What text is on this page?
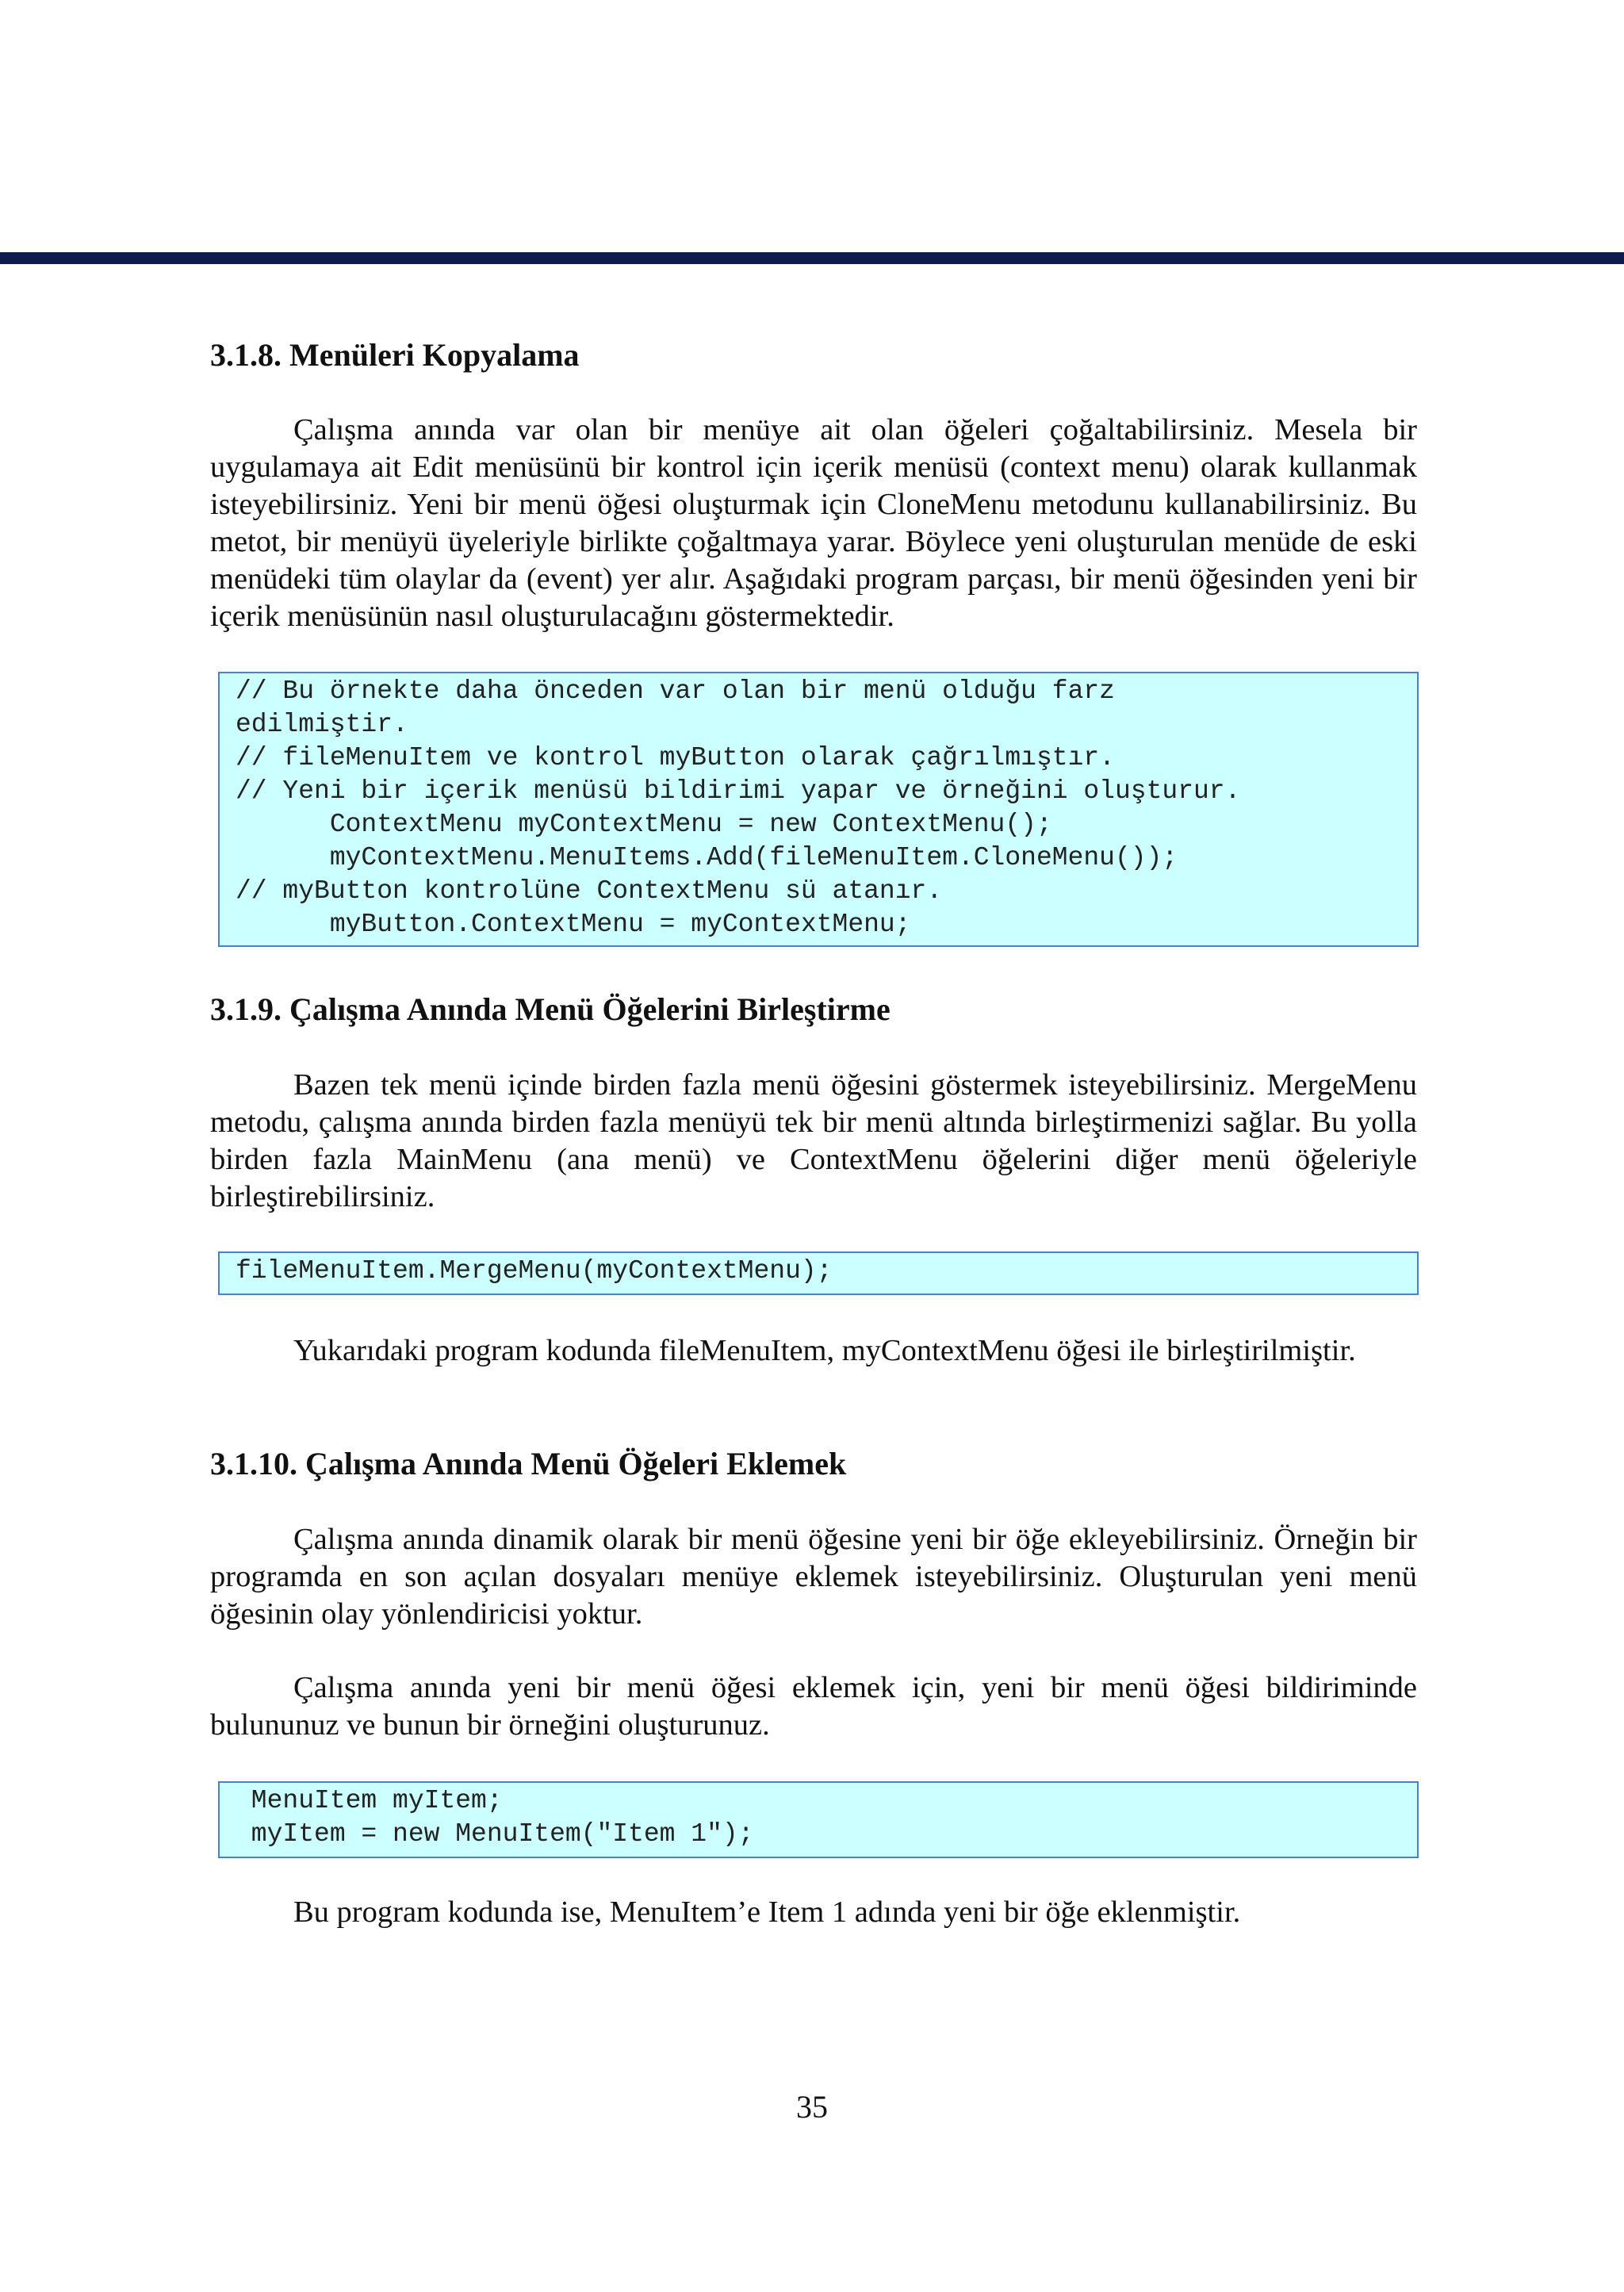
3.1.8. Menüleri Kopyalama

Çalışma anında var olan bir menüye ait olan öğeleri çoğaltabilirsiniz. Mesela bir uygulamaya ait Edit menüsünü bir kontrol için içerik menüsü (context menu) olarak kullanmak isteyebilirsiniz. Yeni bir menü öğesi oluşturmak için CloneMenu metodunu kullanabilirsiniz. Bu metot, bir menüyü üyeleriyle birlikte çoğaltmaya yarar. Böylece yeni oluşturulan menüde de eski menüdeki tüm olaylar da (event) yer alır. Aşağıdaki program parçası, bir menü öğesinden yeni bir içerik menüsünün nasıl oluşturulacağını göstermektedir.

// Bu örnekte daha önceden var olan bir menü olduğu farz
edilmiştir.
// fileMenuItem ve kontrol myButton olarak çağrılmıştır.
// Yeni bir içerik menüsü bildirimi yapar ve örneğini oluşturur.
ContextMenu myContextMenu = new ContextMenu();
myContextMenu.MenuItems.Add(fileMenuItem.CloneMenu());
// myButton kontrolüne ContextMenu sü atanır.
myButton.ContextMenu = myContextMenu;
3.1.9. Çalışma Anında Menü Öğelerini Birleştirme

Bazen tek menü içinde birden fazla menü öğesini göstermek isteyebilirsiniz. MergeMenu metodu, çalışma anında birden fazla menüyü tek bir menü altında birleştirmenizi sağlar. Bu yolla birden fazla MainMenu (ana menü) ve ContextMenu öğelerini diğer menü öğeleriyle birleştirebilirsiniz.

fileMenuItem.MergeMenu(myContextMenu);

Yukarıdaki program kodunda fileMenuItem, myContextMenu öğesi ile birleştirilmiştir.

3.1.10. Çalışma Anında Menü Öğeleri Eklemek

Çalışma anında dinamik olarak bir menü öğesine yeni bir öğe ekleyebilirsiniz. Örneğin bir programda en son açılan dosyaları menüye eklemek isteyebilirsiniz. Oluşturulan yeni menü öğesinin olay yönlendiricisi yoktur.

Çalışma anında yeni bir menü öğesi eklemek için, yeni bir menü öğesi bildiriminde bulununuz ve bunun bir örneğini oluşturunuz.

MenuItem myItem;
myItem = new MenuItem("Item 1");

Bu program kodunda ise, MenuItem’e Item 1 adında yeni bir öğe eklenmiştir.

35
